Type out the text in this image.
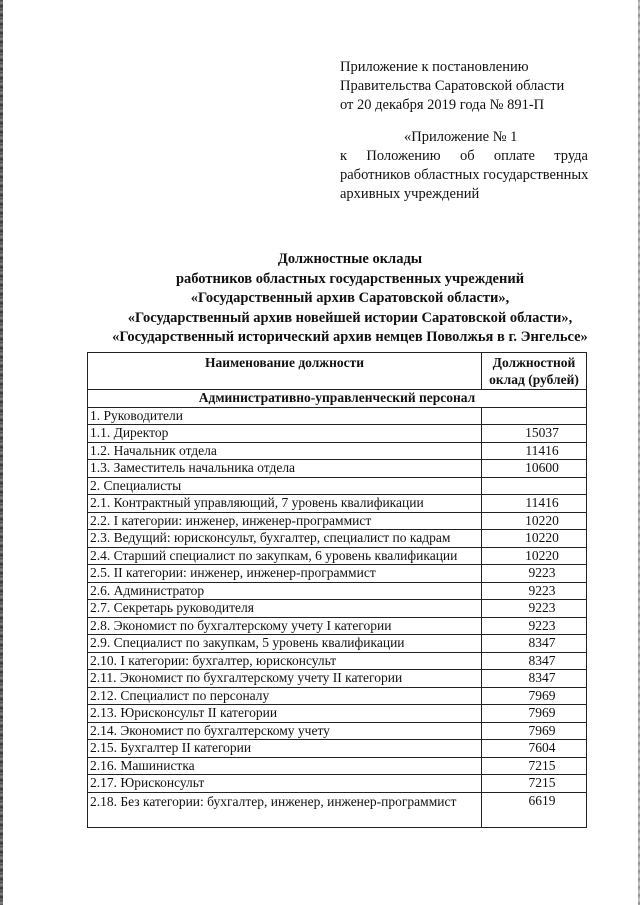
Приложение к постановлению
Правительства Саратовской области
от 20 декабря 2019 года № 891-П
«Приложение № 1
к Положению об оплате труда
работников областных государственных
архивных учреждений
Должностные оклады
работников областных государственных учреждений
«Государственный архив Саратовской области»,
«Государственный архив новейшей истории Саратовской области»,
«Государственный исторический архив немцев Поволжья в г. Энгельсе»
Наименование должности	Должностной
оклад (рублей)

Административно-управленческий персонал	
1. Руководители	
1.1. Директор	15037
1.2. Начальник отдела	11416
1.3. Заместитель начальника отдела	10600
2. Специалисты	
2.1. Контрактный управляющий, 7 уровень квалификации	11416
2.2. I категории: инженер, инженер-программист	10220
2.3. Ведущий: юрисконсульт, бухгалтер, специалист по кадрам	10220
2.4. Старший специалист по закупкам, 6 уровень квалификации	10220
2.5. II категории: инженер, инженер-программист	9223
2.6. Администратор	9223
2.7. Секретарь руководителя	9223
2.8. Экономист по бухгалтерскому учету I категории	9223
2.9. Специалист по закупкам, 5 уровень квалификации	8347
2.10. I категории: бухгалтер, юрисконсульт	8347
2.11. Экономист по бухгалтерскому учету II категории	8347
2.12. Специалист по персоналу	7969
2.13. Юрисконсульт II категории	7969
2.14. Экономист по бухгалтерскому учету	7969
2.15. Бухгалтер II категории	7604
2.16. Машинистка	7215
2.17. Юрисконсульт	7215
2.18. Без категории: бухгалтер, инженер, инженер-программист	6619
